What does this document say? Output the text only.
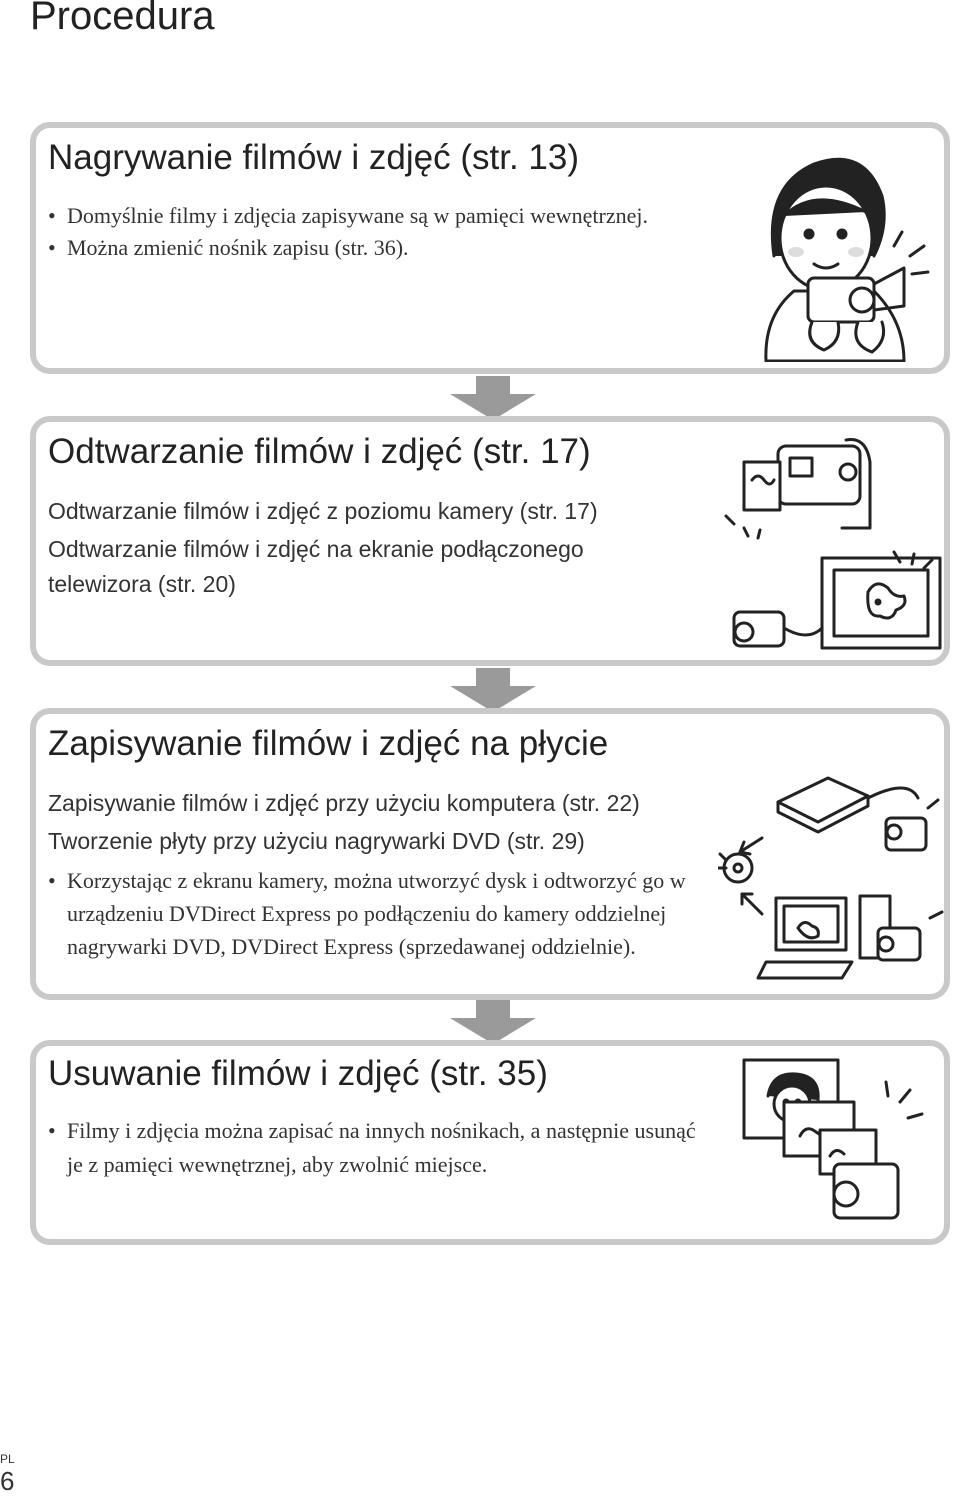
Procedura
Nagrywanie filmów i zdjęć (str. 13)
• Domyślnie filmy i zdjęcia zapisywane są w pamięci wewnętrznej.
• Można zmienić nośnik zapisu (str. 36).
Odtwarzanie filmów i zdjęć (str. 17)
Odtwarzanie filmów i zdjęć z poziomu kamery (str. 17)
Odtwarzanie filmów i zdjęć na ekranie podłączonego telewizora (str. 20)
Zapisywanie filmów i zdjęć na płycie
Zapisywanie filmów i zdjęć przy użyciu komputera (str. 22)
Tworzenie płyty przy użyciu nagrywarki DVD (str. 29)
• Korzystając z ekranu kamery, można utworzyć dysk i odtworzyć go w urządzeniu DVDirect Express po podłączeniu do kamery oddzielnej nagrywarki DVD, DVDirect Express (sprzedawanej oddzielnie).
Usuwanie filmów i zdjęć (str. 35)
• Filmy i zdjęcia można zapisać na innych nośnikach, a następnie usunąć je z pamięci wewnętrznej, aby zwolnić miejsce.
PL
6
